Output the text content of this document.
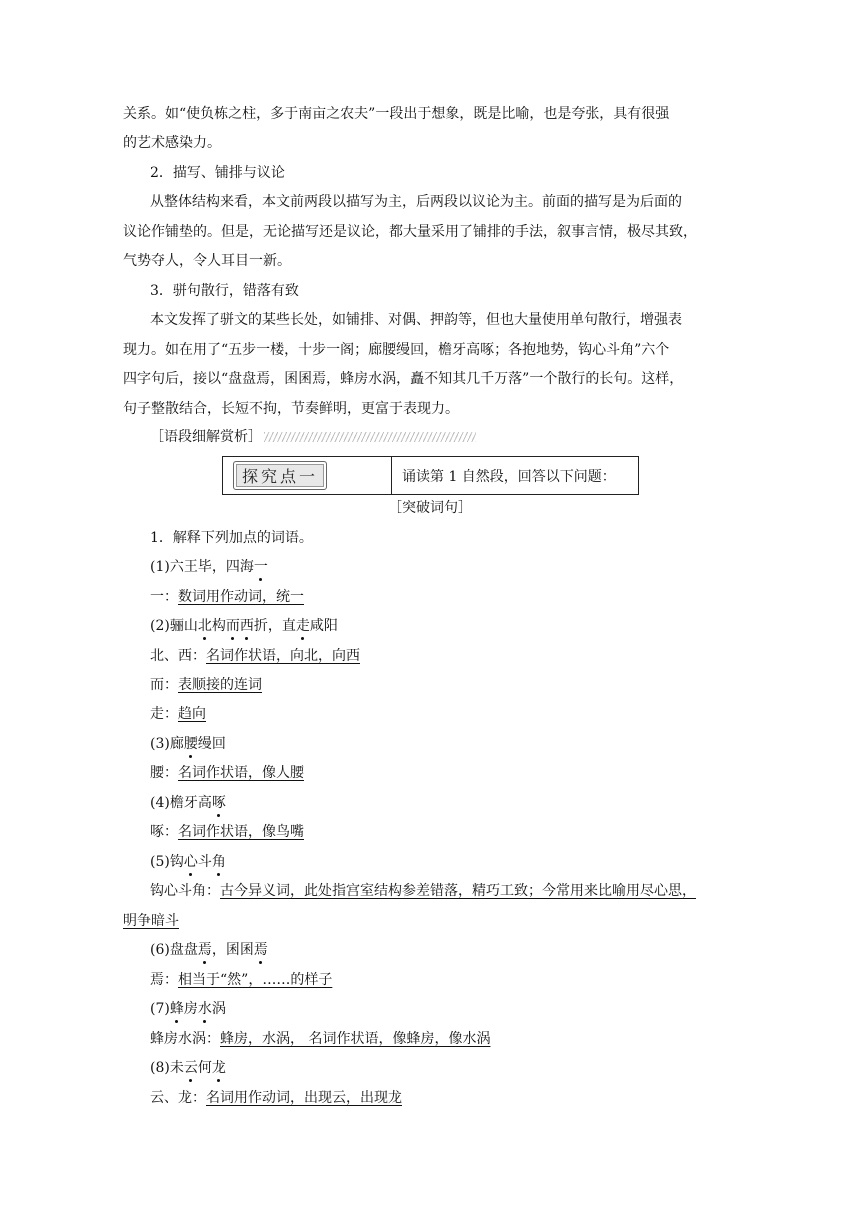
关系。如“使负栋之柱，多于南亩之农夫”一段出于想象，既是比喻，也是夸张，具有很强
的艺术感染力。
2．描写、铺排与议论
从整体结构来看，本文前两段以描写为主，后两段以议论为主。前面的描写是为后面的
议论作铺垫的。但是，无论描写还是议论，都大量采用了铺排的手法，叙事言情，极尽其致，
气势夺人，令人耳目一新。
3．骈句散行，错落有致
本文发挥了骈文的某些长处，如铺排、对偶、押韵等，但也大量使用单句散行，增强表
现力。如在用了“五步一楼，十步一阁；廊腰缦回，檐牙高啄；各抱地势，钩心斗角”六个
四字句后，接以“盘盘焉，囷囷焉，蜂房水涡，矗不知其几千万落”一个散行的长句。这样，
句子整散结合，长短不拘，节奏鲜明，更富于表现力。
［语段细解赏析］
探究点一	诵读第 1 自然段，回答以下问题：
［突破词句］
1．解释下列加点的词语。
(1)六王毕，四海一
一：数词用作动词，统一
(2)骊山北构而西折，直走咸阳
北、西：名词作状语，向北，向西
而：表顺接的连词
走：趋向
(3)廊腰缦回
腰：名词作状语，像人腰
(4)檐牙高啄
啄：名词作状语，像鸟嘴
(5)钩心斗角
钩心斗角：古今异义词，此处指宫室结构参差错落，精巧工致；今常用来比喻用尽心思，
明争暗斗
(6)盘盘焉，囷囷焉
焉：相当于“然”，……的样子
(7)蜂房水涡
蜂房水涡：蜂房，水涡， 名词作状语，像蜂房，像水涡
(8)未云何龙
云、龙：名词用作动词，出现云，出现龙
